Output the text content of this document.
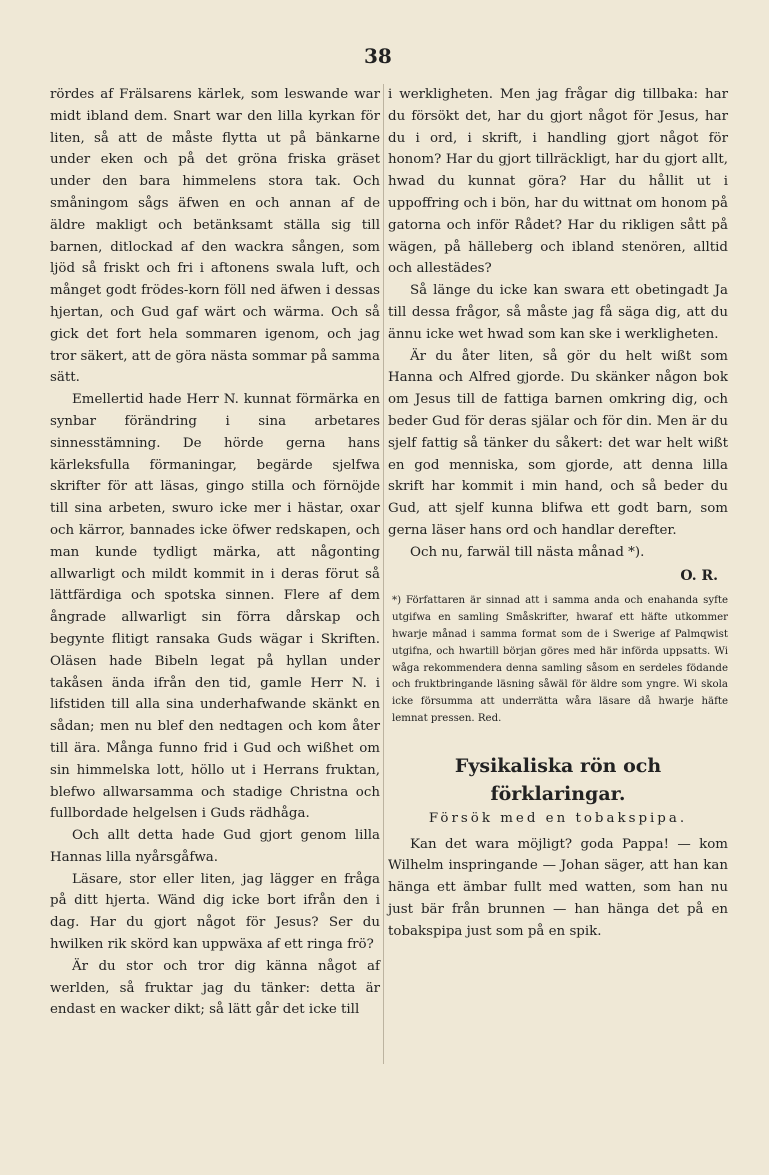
38

rördes af Frälsarens kärlek, som leswande war midt ibland dem. Snart war den lilla kyrkan för liten, så att de måste flytta ut på bänkarne under eken och på det gröna friska gräset under den bara himmelens stora tak. Och småningom sågs äfwen en och annan af de äldre makligt och betänksamt ställa sig till barnen, ditlockad af den wackra sången, som ljöd så friskt och fri i aftonens swala luft, och månget godt frödes-korn föll ned äfwen i dessas hjertan, och Gud gaf wärt och wärma. Och så gick det fort hela sommaren igenom, och jag tror säkert, att de göra nästa sommar på samma sätt.

Emellertid hade Herr N. kunnat förmärka en synbar förändring i sina arbetares sinnesstämning. De hörde gerna hans kärleksfulla förmaningar, begärde sjelfwa skrifter för att läsas, gingo stilla och förnöjde till sina arbeten, swuro icke mer i hästar, oxar och kärror, bannades icke öfwer redskapen, och man kunde tydligt märka, att någonting allwarligt och mildt kommit in i deras förut så lättfärdiga och spotska sinnen. Flere af dem ångrade allwarligt sin förra dårskap och begynte flitigt ransaka Guds wägar i Skriften. Oläsen hade Bibeln legat på hyllan under takåsen ända ifrån den tid, gamle Herr N. i lifstiden till alla sina underhafwande skänkt en sådan; men nu blef den nedtagen och kom åter till ära. Många funno frid i Gud och wißhet om sin himmelska lott, höllo ut i Herrans fruktan, blefwo allwarsamma och stadige Christna och fullbordade helgelsen i Guds rädhåga.

Och allt detta hade Gud gjort genom lilla Hannas lilla nyårsgåfwa.

Läsare, stor eller liten, jag lägger en fråga på ditt hjerta. Wänd dig icke bort ifrån den i dag. Har du gjort något för Jesus? Ser du hwilken rik skörd kan uppwäxa af ett ringa frö?

Är du stor och tror dig känna något af werlden, så fruktar jag du tänker: detta är endast en wacker dikt; så lätt går det icke till

i werkligheten. Men jag frågar dig tillbaka: har du försökt det, har du gjort något för Jesus, har du i ord, i skrift, i handling gjort något för honom? Har du gjort tillräckligt, har du gjort allt, hwad du kunnat göra? Har du hållit ut i uppoffring och i bön, har du wittnat om honom på gatorna och inför Rådet? Har du rikligen sått på wägen, på hälleberg och ibland stenören, alltid och allestädes?

Så länge du icke kan swara ett obetingadt Ja till dessa frågor, så måste jag få säga dig, att du ännu icke wet hwad som kan ske i werkligheten.

Är du åter liten, så gör du helt wißt som Hanna och Alfred gjorde. Du skänker någon bok om Jesus till de fattiga barnen omkring dig, och beder Gud för deras själar och för din. Men är du sjelf fattig så tänker du såkert: det war helt wißt en god menniska, som gjorde, att denna lilla skrift har kommit i min hand, och så beder du Gud, att sjelf kunna blifwa ett godt barn, som gerna läser hans ord och handlar derefter.

Och nu, farwäl till nästa månad *).

O. R.

*) Författaren är sinnad att i samma anda och enahanda syfte utgifwa en samling Småskrifter, hwaraf ett häfte utkommer hwarje månad i samma format som de i Swerige af Palmqwist utgifna, och hwartill början göres med här införda uppsatts. Wi wåga rekommendera denna samling såsom en serdeles födande och fruktbringande läsning såwäl för äldre som yngre. Wi skola icke försumma att underrätta wåra läsare då hwarje häfte lemnat pressen. Red.

Fysikaliska rön och förklaringar.
Försök med en tobakspipa.

Kan det wara möjligt? goda Pappa! — kom Wilhelm inspringande — Johan säger, att han kan hänga ett ämbar fullt med watten, som han nu just bär från brunnen — han hänga det på en tobakspipa just som på en spik.
